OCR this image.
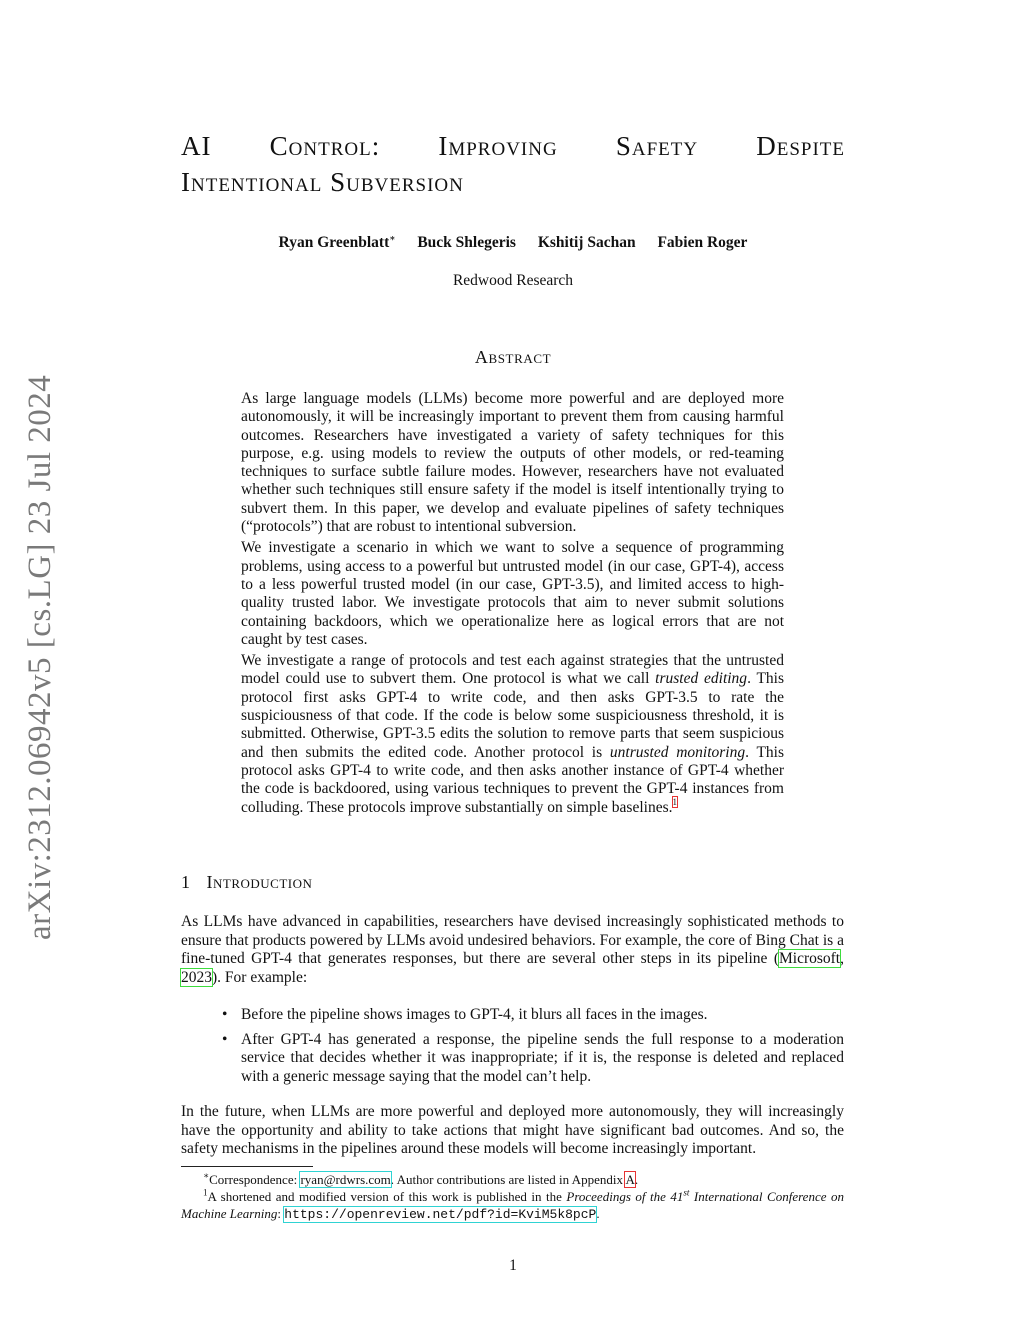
arXiv:2312.06942v5 [cs.LG] 23 Jul 2024
AI Control: Improving Safety Despite
Intentional Subversion
Ryan Greenblatt∗ Buck Shlegeris Kshitij Sachan Fabien Roger
Redwood Research
Abstract

As large language models (LLMs) become more powerful and are deployed more autonomously, it will be increasingly important to prevent them from causing harmful outcomes. Researchers have investigated a variety of safety techniques for this purpose, e.g. using models to review the outputs of other models, or red-teaming techniques to surface subtle failure modes. However, researchers have not evaluated whether such techniques still ensure safety if the model is itself intentionally trying to subvert them. In this paper, we develop and evaluate pipelines of safety techniques (“protocols”) that are robust to intentional subversion.

We investigate a scenario in which we want to solve a sequence of programming problems, using access to a powerful but untrusted model (in our case, GPT-4), access to a less powerful trusted model (in our case, GPT-3.5), and limited access to high-quality trusted labor. We investigate protocols that aim to never submit solutions containing backdoors, which we operationalize here as logical errors that are not caught by test cases.

We investigate a range of protocols and test each against strategies that the untrusted model could use to subvert them. One protocol is what we call trusted editing. This protocol first asks GPT-4 to write code, and then asks GPT-3.5 to rate the suspiciousness of that code. If the code is below some suspiciousness threshold, it is submitted. Otherwise, GPT-3.5 edits the solution to remove parts that seem suspicious and then submits the edited code. Another protocol is untrusted monitoring. This protocol asks GPT-4 to write code, and then asks another instance of GPT-4 whether the code is backdoored, using various techniques to prevent the GPT-4 instances from colluding. These protocols improve substantially on simple baselines.$^1$

1 Introduction

As LLMs have advanced in capabilities, researchers have devised increasingly sophisticated methods to ensure that products powered by LLMs avoid undesired behaviors. For example, the core of Bing Chat is a fine-tuned GPT-4 that generates responses, but there are several other steps in its pipeline (Microsoft, 2023). For example:

• Before the pipeline shows images to GPT-4, it blurs all faces in the images.
• After GPT-4 has generated a response, the pipeline sends the full response to a moderation service that decides whether it was inappropriate; if it is, the response is deleted and replaced with a generic message saying that the model can’t help.

In the future, when LLMs are more powerful and deployed more autonomously, they will increasingly have the opportunity and ability to take actions that might have significant bad outcomes. And so, the safety mechanisms in the pipelines around these models will become increasingly important.

∗Correspondence: ryan@rdwrs.com. Author contributions are listed in Appendix A.

$^1$A shortened and modified version of this work is published in the Proceedings of the 41st International Conference on Machine Learning: https://openreview.net/pdf?id=KviM5k8pcP.

1
